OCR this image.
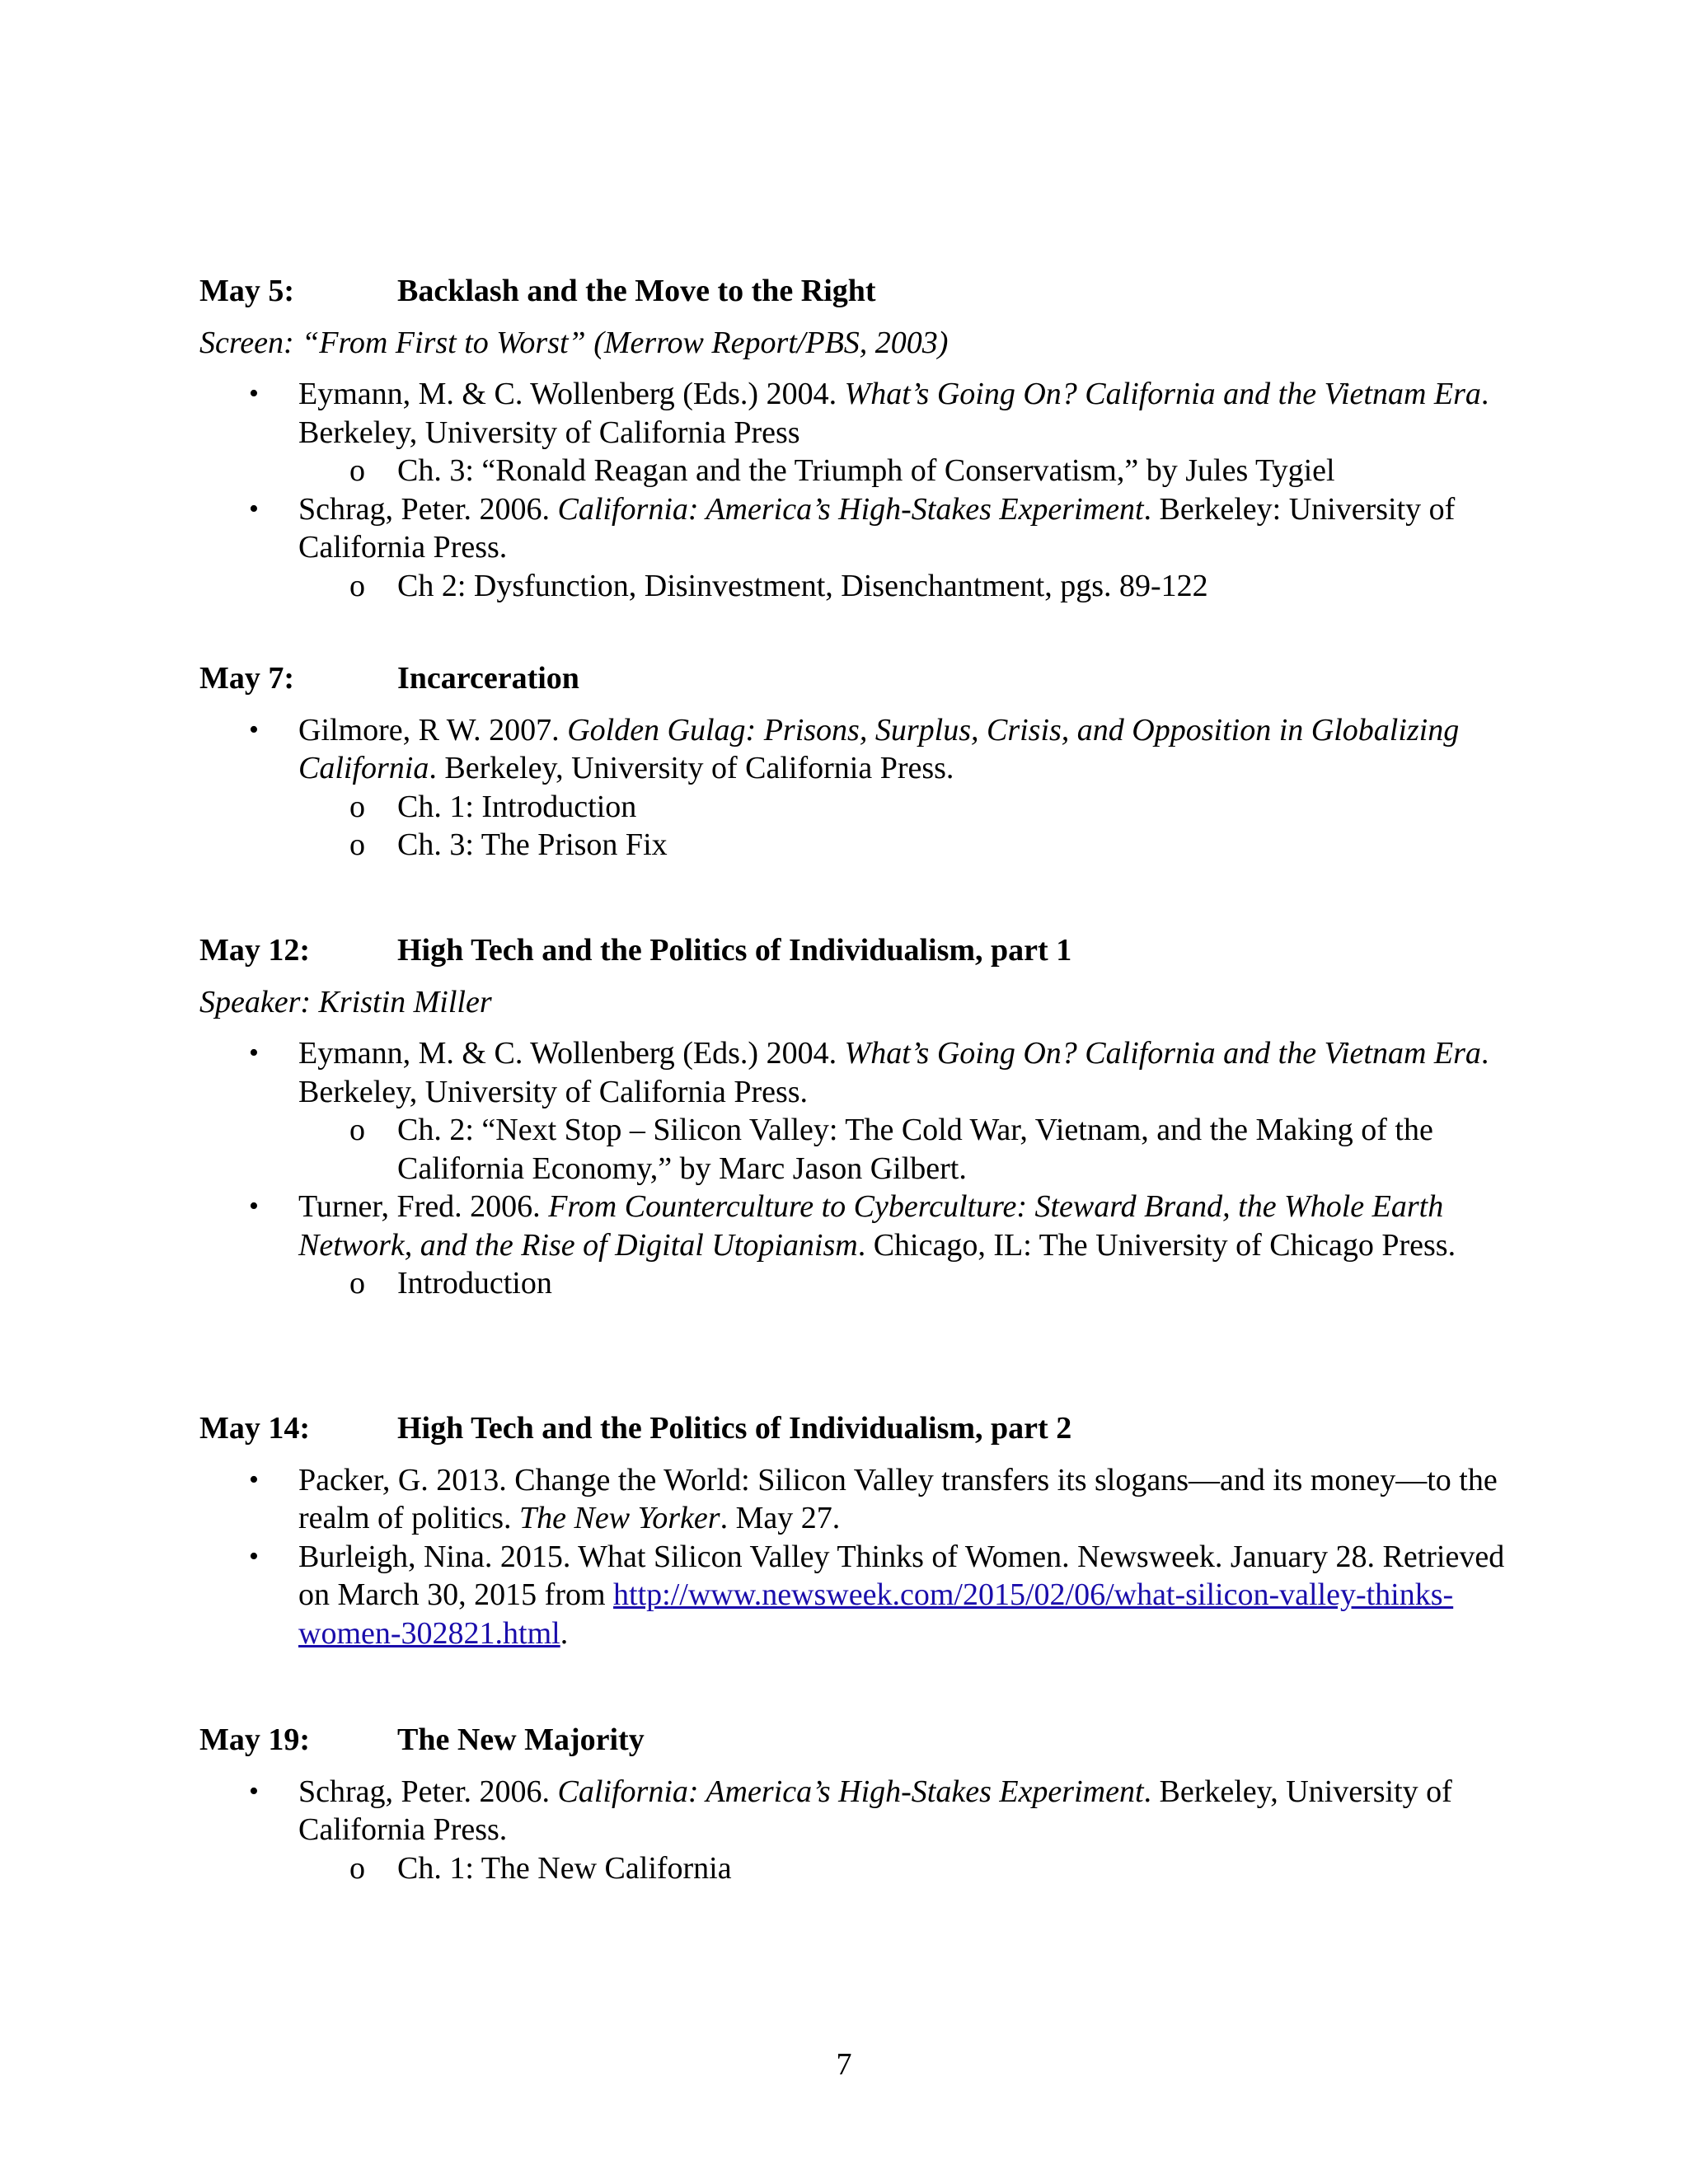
May 5:	Backlash and the Move to the Right
Screen: “From First to Worst” (Merrow Report/PBS, 2003)
• Eymann, M. & C. Wollenberg (Eds.) 2004. What’s Going On? California and the Vietnam Era. Berkeley, University of California Press
o Ch. 3: “Ronald Reagan and the Triumph of Conservatism,” by Jules Tygiel
• Schrag, Peter. 2006. California: America’s High-Stakes Experiment. Berkeley: University of California Press.
o Ch 2: Dysfunction, Disinvestment, Disenchantment, pgs. 89-122
May 7:	Incarceration
• Gilmore, R W. 2007. Golden Gulag: Prisons, Surplus, Crisis, and Opposition in Globalizing California. Berkeley, University of California Press.
o Ch. 1: Introduction
o Ch. 3: The Prison Fix
May 12:	High Tech and the Politics of Individualism, part 1
Speaker: Kristin Miller
• Eymann, M. & C. Wollenberg (Eds.) 2004. What’s Going On? California and the Vietnam Era. Berkeley, University of California Press.
o Ch. 2: “Next Stop – Silicon Valley: The Cold War, Vietnam, and the Making of the California Economy,” by Marc Jason Gilbert.
• Turner, Fred. 2006. From Counterculture to Cyberculture: Steward Brand, the Whole Earth Network, and the Rise of Digital Utopianism. Chicago, IL: The University of Chicago Press.
o Introduction
May 14:	High Tech and the Politics of Individualism, part 2
• Packer, G. 2013. Change the World: Silicon Valley transfers its slogans—and its money—to the realm of politics. The New Yorker. May 27.
• Burleigh, Nina. 2015. What Silicon Valley Thinks of Women. Newsweek. January 28. Retrieved on March 30, 2015 from http://www.newsweek.com/2015/02/06/what-silicon-valley-thinks-women-302821.html.
May 19:	The New Majority
• Schrag, Peter. 2006. California: America’s High-Stakes Experiment. Berkeley, University of California Press.
o Ch. 1: The New California
7
